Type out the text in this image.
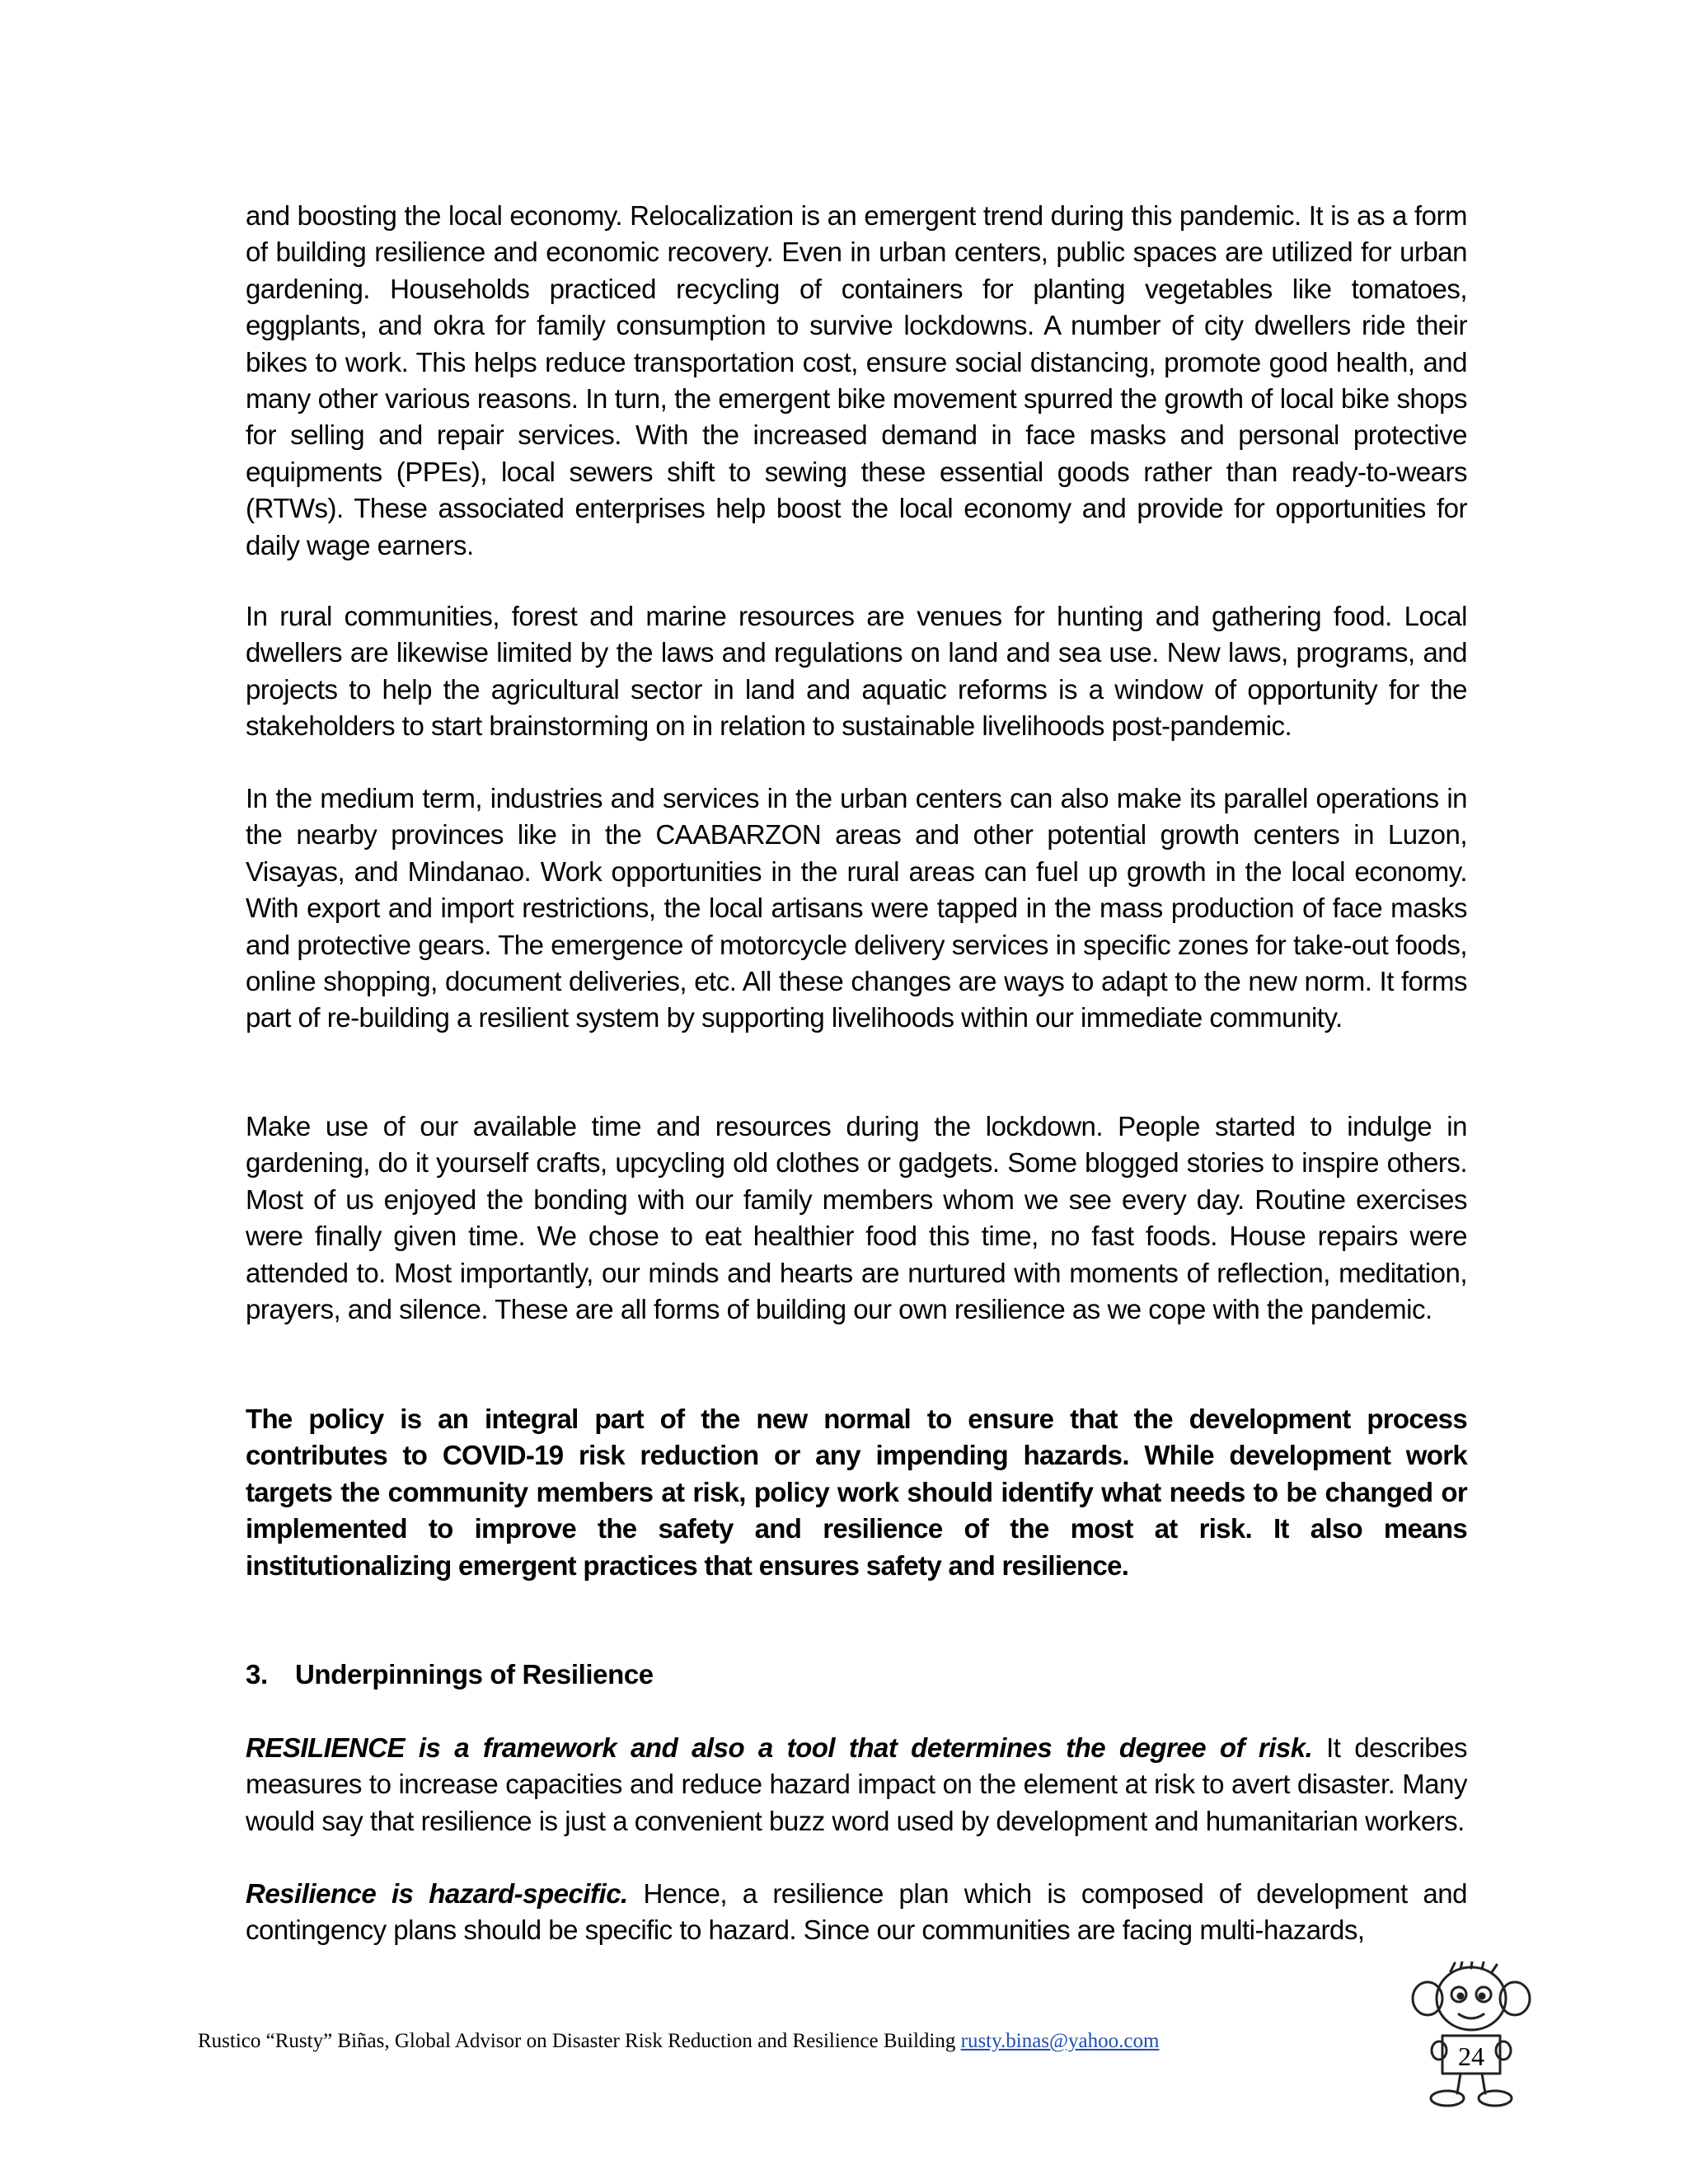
and boosting the local economy. Relocalization is an emergent trend during this pandemic. It is as a form of building resilience and economic recovery. Even in urban centers, public spaces are utilized for urban gardening. Households practiced recycling of containers for planting vegetables like tomatoes, eggplants, and okra for family consumption to survive lockdowns. A number of city dwellers ride their bikes to work. This helps reduce transportation cost, ensure social distancing, promote good health, and many other various reasons. In turn, the emergent bike movement spurred the growth of local bike shops for selling and repair services. With the increased demand in face masks and personal protective equipments (PPEs), local sewers shift to sewing these essential goods rather than ready-to-wears (RTWs). These associated enterprises help boost the local economy and provide for opportunities for daily wage earners.

In rural communities, forest and marine resources are venues for hunting and gathering food. Local dwellers are likewise limited by the laws and regulations on land and sea use. New laws, programs, and projects to help the agricultural sector in land and aquatic reforms is a window of opportunity for the stakeholders to start brainstorming on in relation to sustainable livelihoods post-pandemic.

In the medium term, industries and services in the urban centers can also make its parallel operations in the nearby provinces like in the CAABARZON areas and other potential growth centers in Luzon, Visayas, and Mindanao. Work opportunities in the rural areas can fuel up growth in the local economy. With export and import restrictions, the local artisans were tapped in the mass production of face masks and protective gears. The emergence of motorcycle delivery services in specific zones for take-out foods, online shopping, document deliveries, etc. All these changes are ways to adapt to the new norm. It forms part of re-building a resilient system by supporting livelihoods within our immediate community.

Make use of our available time and resources during the lockdown. People started to indulge in gardening, do it yourself crafts, upcycling old clothes or gadgets. Some blogged stories to inspire others. Most of us enjoyed the bonding with our family members whom we see every day. Routine exercises were finally given time. We chose to eat healthier food this time, no fast foods. House repairs were attended to. Most importantly, our minds and hearts are nurtured with moments of reflection, meditation, prayers, and silence. These are all forms of building our own resilience as we cope with the pandemic.

The policy is an integral part of the new normal to ensure that the development process contributes to COVID-19 risk reduction or any impending hazards. While development work targets the community members at risk, policy work should identify what needs to be changed or implemented to improve the safety and resilience of the most at risk. It also means institutionalizing emergent practices that ensures safety and resilience.

3. Underpinnings of Resilience

RESILIENCE is a framework and also a tool that determines the degree of risk. It describes measures to increase capacities and reduce hazard impact on the element at risk to avert disaster. Many would say that resilience is just a convenient buzz word used by development and humanitarian workers.

Resilience is hazard-specific. Hence, a resilience plan which is composed of development and contingency plans should be specific to hazard. Since our communities are facing multi-hazards,

Rustico “Rusty” Biñas, Global Advisor on Disaster Risk Reduction and Resilience Building rusty.binas@yahoo.com
24
